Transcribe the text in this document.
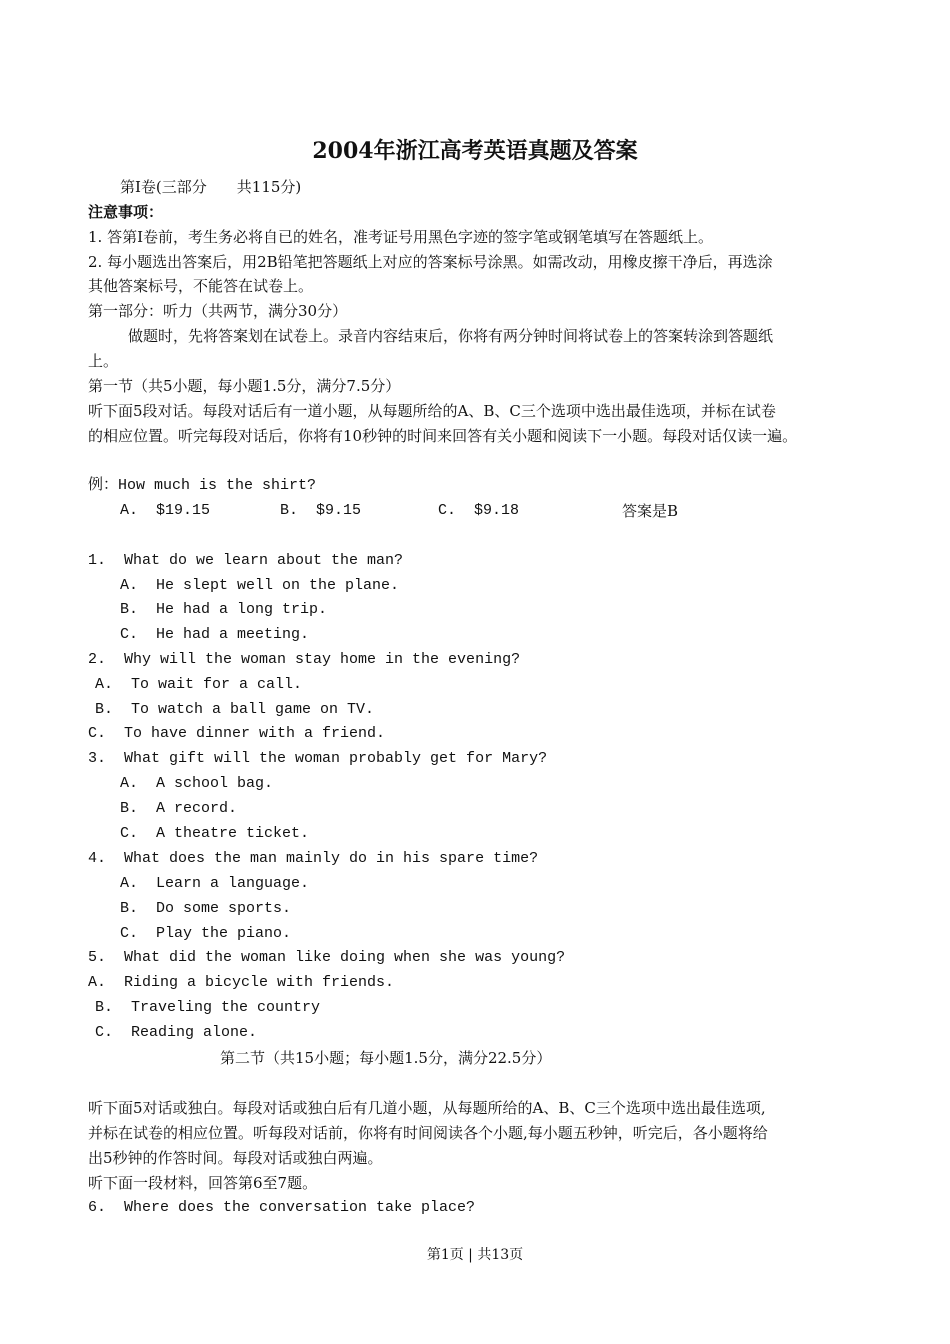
2004年浙江高考英语真题及答案
第Ⅰ卷(三部分　　共115分)
注意事项：
1. 答第Ⅰ卷前，考生务必将自已的姓名，准考证号用黑色字迹的签字笔或钢笔填写在答题纸上。
2. 每小题选出答案后，用2B铅笔把答题纸上对应的答案标号涂黑。如需改动，用橡皮擦干净后，再选涂
其他答案标号，不能答在试卷上。
第一部分：听力（共两节，满分30分）
　　做题时，先将答案划在试卷上。录音内容结束后，你将有两分钟时间将试卷上的答案转涂到答题纸
上。
第一节（共5小题，每小题1.5分，满分7.5分）
听下面5段对话。每段对话后有一道小题，从每题所给的A、B、C三个选项中选出最佳选项，并标在试卷
的相应位置。听完每段对话后，你将有10秒钟的时间来回答有关小题和阅读下一小题。每段对话仅读一遍。
例：How much is the shirt?
A.  $19.15	B.  $9.15	C.  $9.18	答案是B
1.  What do we learn about the man?
A.  He slept well on the plane.
B.  He had a long trip.
C.  He had a meeting.
2.  Why will the woman stay home in the evening?
A.  To wait for a call.
B.  To watch a ball game on TV.
C.  To have dinner with a friend.
3.  What gift will the woman probably get for Mary?
A.  A school bag.
B.  A record.
C.  A theatre ticket.
4.  What does the man mainly do in his spare time?
A.  Learn a language.
B.  Do some sports.
C.  Play the piano.
5.  What did the woman like doing when she was young?
A.  Riding a bicycle with friends.
B.  Traveling the country
C.  Reading alone.
第二节（共15小题；每小题1.5分，满分22.5分）
听下面5对话或独白。每段对话或独白后有几道小题，从每题所给的A、B、C三个选项中选出最佳选项,
并标在试卷的相应位置。听每段对话前，你将有时间阅读各个小题,每小题五秒钟，听完后，各小题将给
出5秒钟的作答时间。每段对话或独白两遍。
听下面一段材料，回答第6至7题。
6.  Where does the conversation take place?
第1页 | 共13页
